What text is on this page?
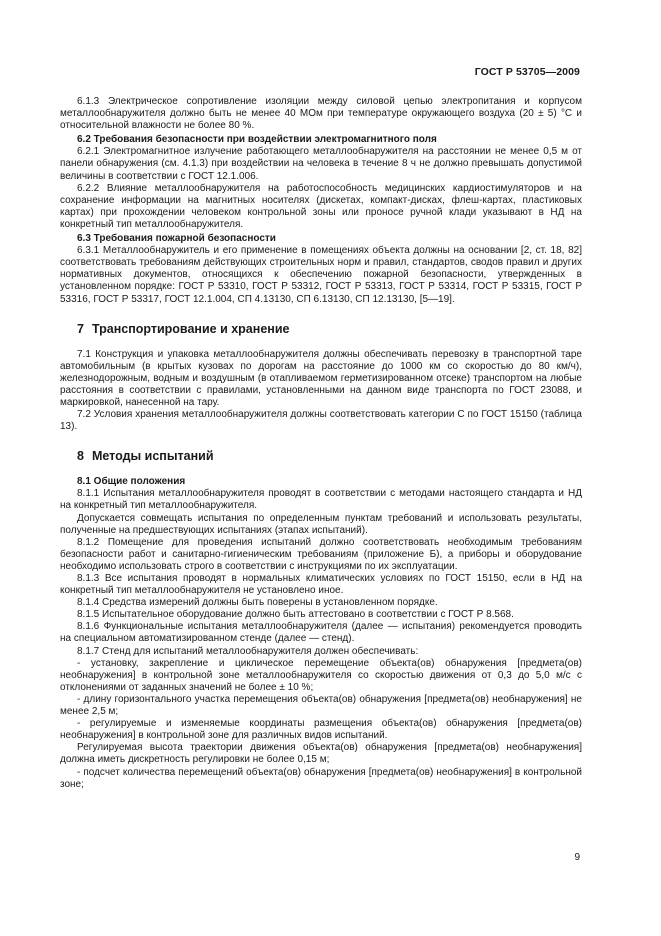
ГОСТ Р 53705—2009

6.1.3 Электрическое сопротивление изоляции между силовой цепью электропитания и корпусом металлообнаружителя должно быть не менее 40 МОм при температуре окружающего воздуха (20 ± 5) °С и относительной влажности не более 80 %.

6.2 Требования безопасности при воздействии электромагнитного поля

6.2.1 Электромагнитное излучение работающего металлообнаружителя на расстоянии не менее 0,5 м от панели обнаружения (см. 4.1.3) при воздействии на человека в течение 8 ч не должно превышать допустимой величины в соответствии с ГОСТ 12.1.006.

6.2.2 Влияние металлообнаружителя на работоспособность медицинских кардиостимуляторов и на сохранение информации на магнитных носителях (дискетах, компакт-дисках, флеш-картах, пластиковых картах) при прохождении человеком контрольной зоны или проносе ручной клади указывают в НД на конкретный тип металлообнаружителя.

6.3 Требования пожарной безопасности

6.3.1 Металлообнаружитель и его применение в помещениях объекта должны на основании [2, ст. 18, 82] соответствовать требованиям действующих строительных норм и правил, стандартов, сводов правил и других нормативных документов, относящихся к обеспечению пожарной безопасности, утвержденных в установленном порядке: ГОСТ Р 53310, ГОСТ Р 53312, ГОСТ Р 53313, ГОСТ Р 53314, ГОСТ Р 53315, ГОСТ Р 53316, ГОСТ Р 53317, ГОСТ 12.1.004, СП 4.13130, СП 6.13130, СП 12.13130, [5—19].

7 Транспортирование и хранение

7.1 Конструкция и упаковка металлообнаружителя должны обеспечивать перевозку в транспортной таре автомобильным (в крытых кузовах по дорогам на расстояние до 1000 км со скоростью до 80 км/ч), железнодорожным, водным и воздушным (в отапливаемом герметизированном отсеке) транспортом на любые расстояния в соответствии с правилами, установленными на данном виде транспорта по ГОСТ 23088, и маркировкой, нанесенной на тару.

7.2 Условия хранения металлообнаружителя должны соответствовать категории С по ГОСТ 15150 (таблица 13).

8 Методы испытаний
8.1 Общие положения

8.1.1 Испытания металлообнаружителя проводят в соответствии с методами настоящего стандарта и НД на конкретный тип металлообнаружителя.

Допускается совмещать испытания по определенным пунктам требований и использовать результаты, полученные на предшествующих испытаниях (этапах испытаний).

8.1.2 Помещение для проведения испытаний должно соответствовать необходимым требованиям безопасности работ и санитарно-гигиеническим требованиям (приложение Б), а приборы и оборудование необходимо использовать строго в соответствии с инструкциями по их эксплуатации.

8.1.3 Все испытания проводят в нормальных климатических условиях по ГОСТ 15150, если в НД на конкретный тип металлообнаружителя не установлено иное.

8.1.4 Средства измерений должны быть поверены в установленном порядке.

8.1.5 Испытательное оборудование должно быть аттестовано в соответствии с ГОСТ Р 8.568.

8.1.6 Функциональные испытания металлообнаружителя (далее — испытания) рекомендуется проводить на специальном автоматизированном стенде (далее — стенд).

8.1.7 Стенд для испытаний металлообнаружителя должен обеспечивать:

- установку, закрепление и циклическое перемещение объекта(ов) обнаружения [предмета(ов) необнаружения] в контрольной зоне металлообнаружителя со скоростью движения от 0,3 до 5,0 м/с с отклонениями от заданных значений не более ± 10 %;

- длину горизонтального участка перемещения объекта(ов) обнаружения [предмета(ов) необнаружения] не менее 2,5 м;

- регулируемые и изменяемые координаты размещения объекта(ов) обнаружения [предмета(ов) необнаружения] в контрольной зоне для различных видов испытаний.

Регулируемая высота траектории движения объекта(ов) обнаружения [предмета(ов) необнаружения] должна иметь дискретность регулировки не более 0,15 м;

- подсчет количества перемещений объекта(ов) обнаружения [предмета(ов) необнаружения] в контрольной зоне;

9
